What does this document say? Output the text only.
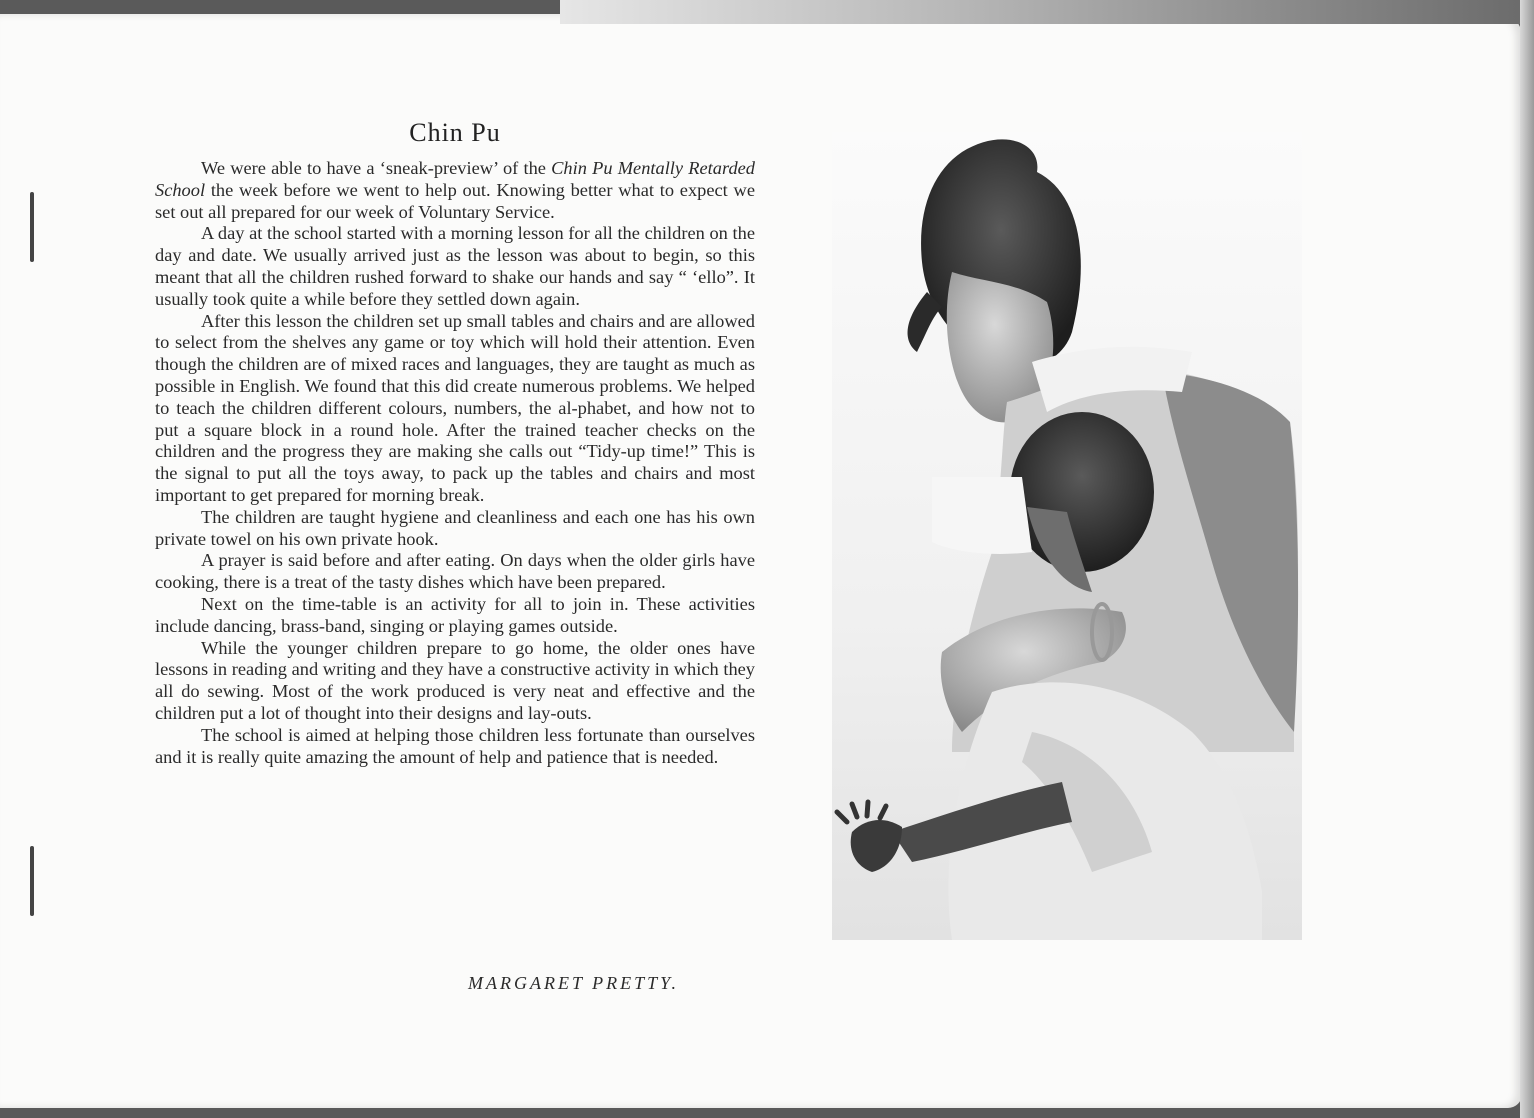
Chin Pu

We were able to have a ‘sneak-preview’ of the Chin Pu Mentally Retarded School the week before we went to help out. Knowing better what to expect we set out all prepared for our week of Voluntary Service.

A day at the school started with a morning lesson for all the children on the day and date. We usually arrived just as the lesson was about to begin, so this meant that all the children rushed forward to shake our hands and say “ ‘ello”. It usually took quite a while before they settled down again.

After this lesson the children set up small tables and chairs and are allowed to select from the shelves any game or toy which will hold their attention. Even though the children are of mixed races and languages, they are taught as much as possible in English. We found that this did create numerous problems. We helped to teach the children different colours, numbers, the al-phabet, and how not to put a square block in a round hole. After the trained teacher checks on the children and the progress they are making she calls out “Tidy-up time!” This is the signal to put all the toys away, to pack up the tables and chairs and most important to get prepared for morning break.

The children are taught hygiene and cleanliness and each one has his own private towel on his own private hook.

A prayer is said before and after eating. On days when the older girls have cooking, there is a treat of the tasty dishes which have been prepared.

Next on the time-table is an activity for all to join in. These activities include dancing, brass-band, singing or playing games outside.

While the younger children prepare to go home, the older ones have lessons in reading and writing and they have a constructive activity in which they all do sewing. Most of the work produced is very neat and effective and the children put a lot of thought into their designs and lay-outs.

The school is aimed at helping those children less fortunate than ourselves and it is really quite amazing the amount of help and patience that is needed.

MARGARET PRETTY.
